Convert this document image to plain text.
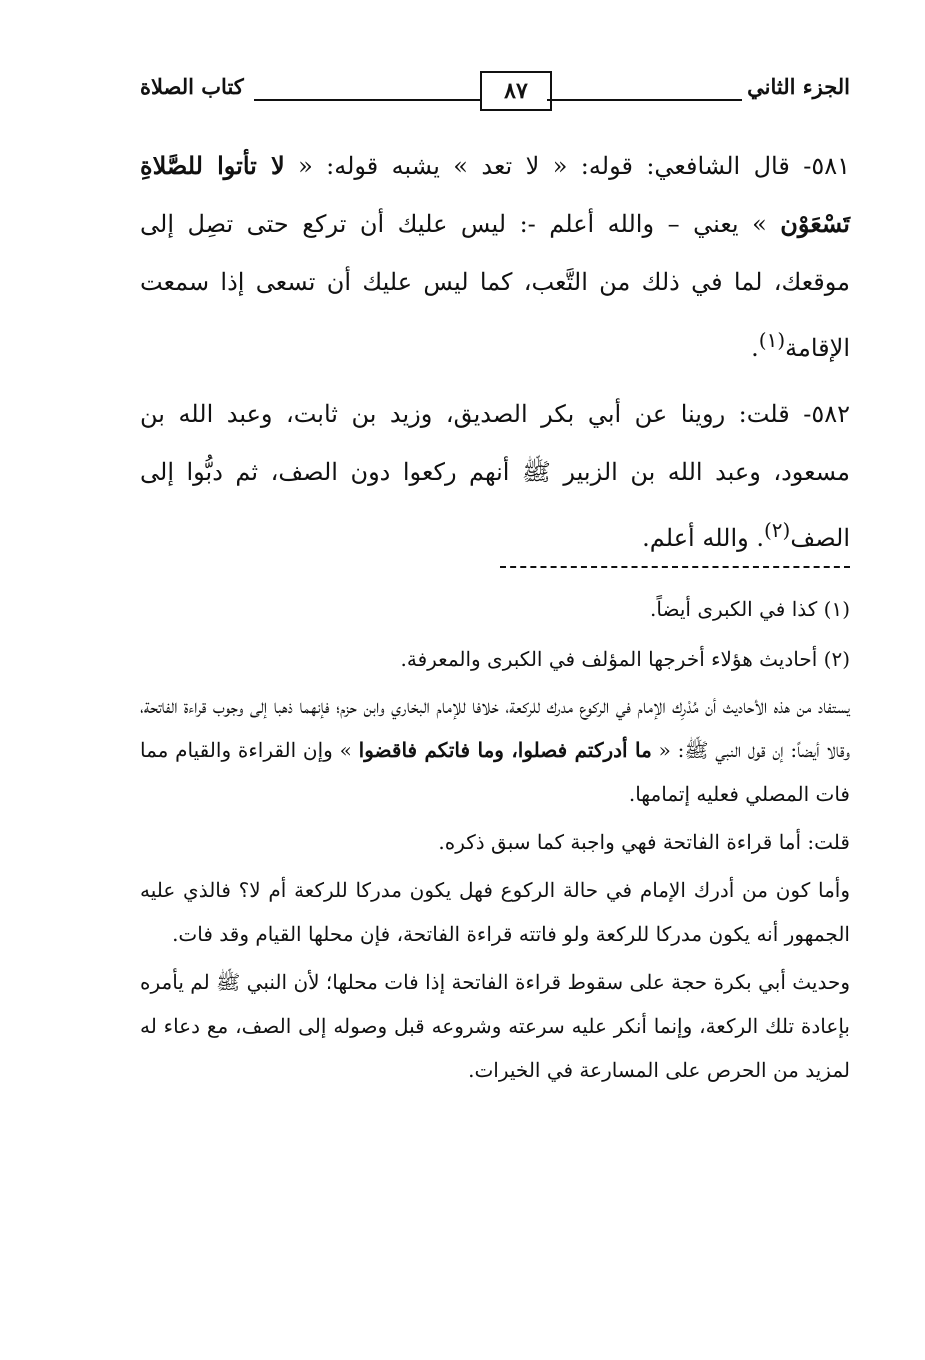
الجزء الثاني
٨٧
كتاب الصلاة

٥٨١- قال الشافعي: قوله: « لا تعد » يشبه قوله: « لا تأتوا للصَّلاةِ تَسْعَوْن » يعني – والله أعلم -: ليس عليك أن تركع حتى تصِل إلى موقعك، لما في ذلك من التَّعب، كما ليس عليك أن تسعى إذا سمعت الإقامة$^{(١)}$.

٥٨٢- قلت: روينا عن أبي بكر الصديق، وزيد بن ثابت، وعبد الله بن مسعود، وعبد الله بن الزبير ﷺ أنهم ركعوا دون الصف، ثم دبُّوا إلى الصف$^{(٢)}$. والله أعلم.

(١) كذا في الكبرى أيضاً.

(٢) أحاديث هؤلاء أخرجها المؤلف في الكبرى والمعرفة.

يستفاد من هذه الأحاديث أن مُدْرِك الإمام في الركوع مدرك للركعة، خلافا للإمام البخاري وابن حزم؛ فإنهما ذهبا إلى وجوب قراءة الفاتحة، وقالا أيضاً: إن قول النبي ﷺ: « ما أدركتم فصلوا، وما فاتكم فاقضوا » وإن القراءة والقيام مما فات المصلي فعليه إتمامها.

قلت: أما قراءة الفاتحة فهي واجبة كما سبق ذكره.

وأما كون من أدرك الإمام في حالة الركوع فهل يكون مدركا للركعة أم لا؟ فالذي عليه الجمهور أنه يكون مدركا للركعة ولو فاتته قراءة الفاتحة، فإن محلها القيام وقد فات.

وحديث أبي بكرة حجة على سقوط قراءة الفاتحة إذا فات محلها؛ لأن النبي ﷺ لم يأمره بإعادة تلك الركعة، وإنما أنكر عليه سرعته وشروعه قبل وصوله إلى الصف، مع دعاء له لمزيد من الحرص على المسارعة في الخيرات.
